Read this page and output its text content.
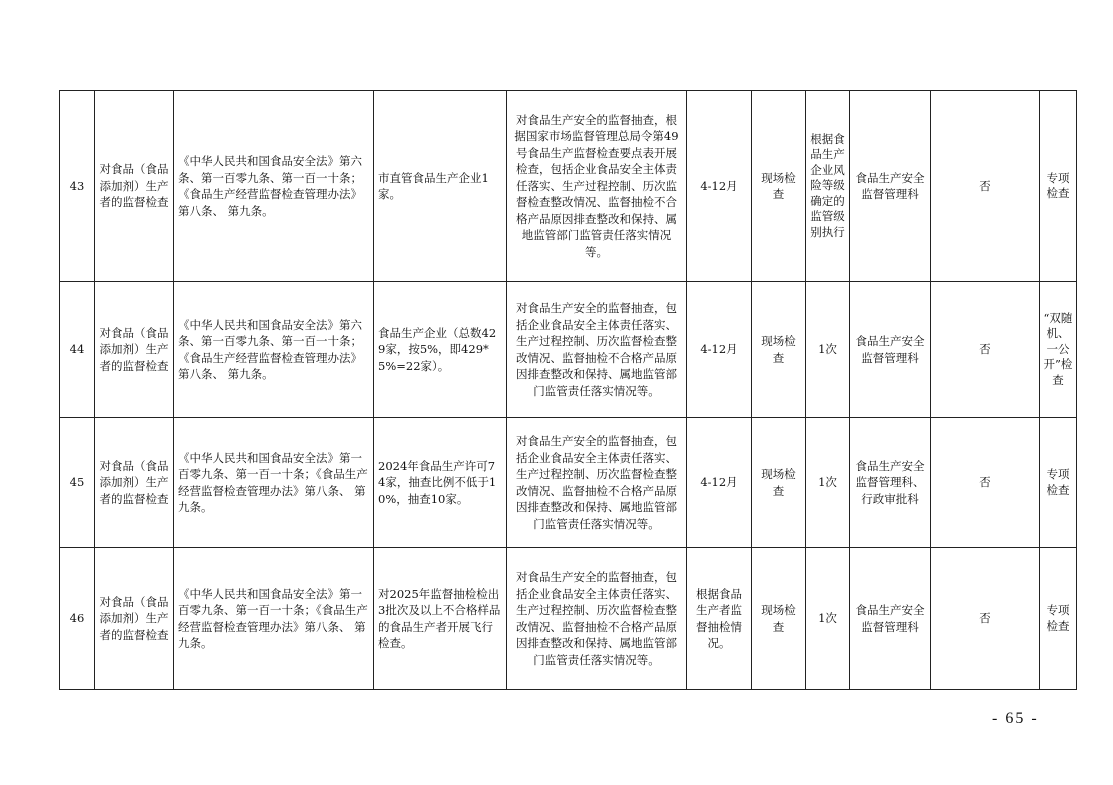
43	对食品（食品添加剂）生产者的监督检查	《中华人民共和国食品安全法》第六条、第一百零九条、第一百一十条；《食品生产经营监督检查管理办法》第八条、 第九条。	市直管食品生产企业1家。	对食品生产安全的监督抽查，根据国家市场监督管理总局令第49号食品生产监督检查要点表开展检查，包括企业食品安全主体责任落实、生产过程控制、历次监督检查整改情况、监督抽检不合格产品原因排查整改和保持、属地监管部门监管责任落实情况等。	4-12月	现场检查	根据食品生产企业风险等级确定的监管级别执行	食品生产安全监督管理科	否	专项检查
44	对食品（食品添加剂）生产者的监督检查	《中华人民共和国食品安全法》第六条、第一百零九条、第一百一十条；《食品生产经营监督检查管理办法》第八条、 第九条。	食品生产企业（总数429家，按5%，即429*5%=22家）。	对食品生产安全的监督抽查，包括企业食品安全主体责任落实、生产过程控制、历次监督检查整改情况、监督抽检不合格产品原因排查整改和保持、属地监管部门监管责任落实情况等。	4-12月	现场检查	1次	食品生产安全监督管理科	否	“双随机、一公开”检查
45	对食品（食品添加剂）生产者的监督检查	《中华人民共和国食品安全法》第一百零九条、第一百一十条；《食品生产经营监督检查管理办法》第八条、 第九条。	2024年食品生产许可74家，抽查比例不低于10%，抽查10家。	对食品生产安全的监督抽查，包括企业食品安全主体责任落实、生产过程控制、历次监督检查整改情况、监督抽检不合格产品原因排查整改和保持、属地监管部门监管责任落实情况等。	4-12月	现场检查	1次	食品生产安全监督管理科、行政审批科	否	专项检查
46	对食品（食品添加剂）生产者的监督检查	《中华人民共和国食品安全法》第一百零九条、第一百一十条；《食品生产经营监督检查管理办法》第八条、 第九条。	对2025年监督抽检检出3批次及以上不合格样品的食品生产者开展飞行检查。	对食品生产安全的监督抽查，包括企业食品安全主体责任落实、生产过程控制、历次监督检查整改情况、监督抽检不合格产品原因排查整改和保持、属地监管部门监管责任落实情况等。	根据食品生产者监督抽检情况。	现场检查	1次	食品生产安全监督管理科	否	专项检查
- 65 -
